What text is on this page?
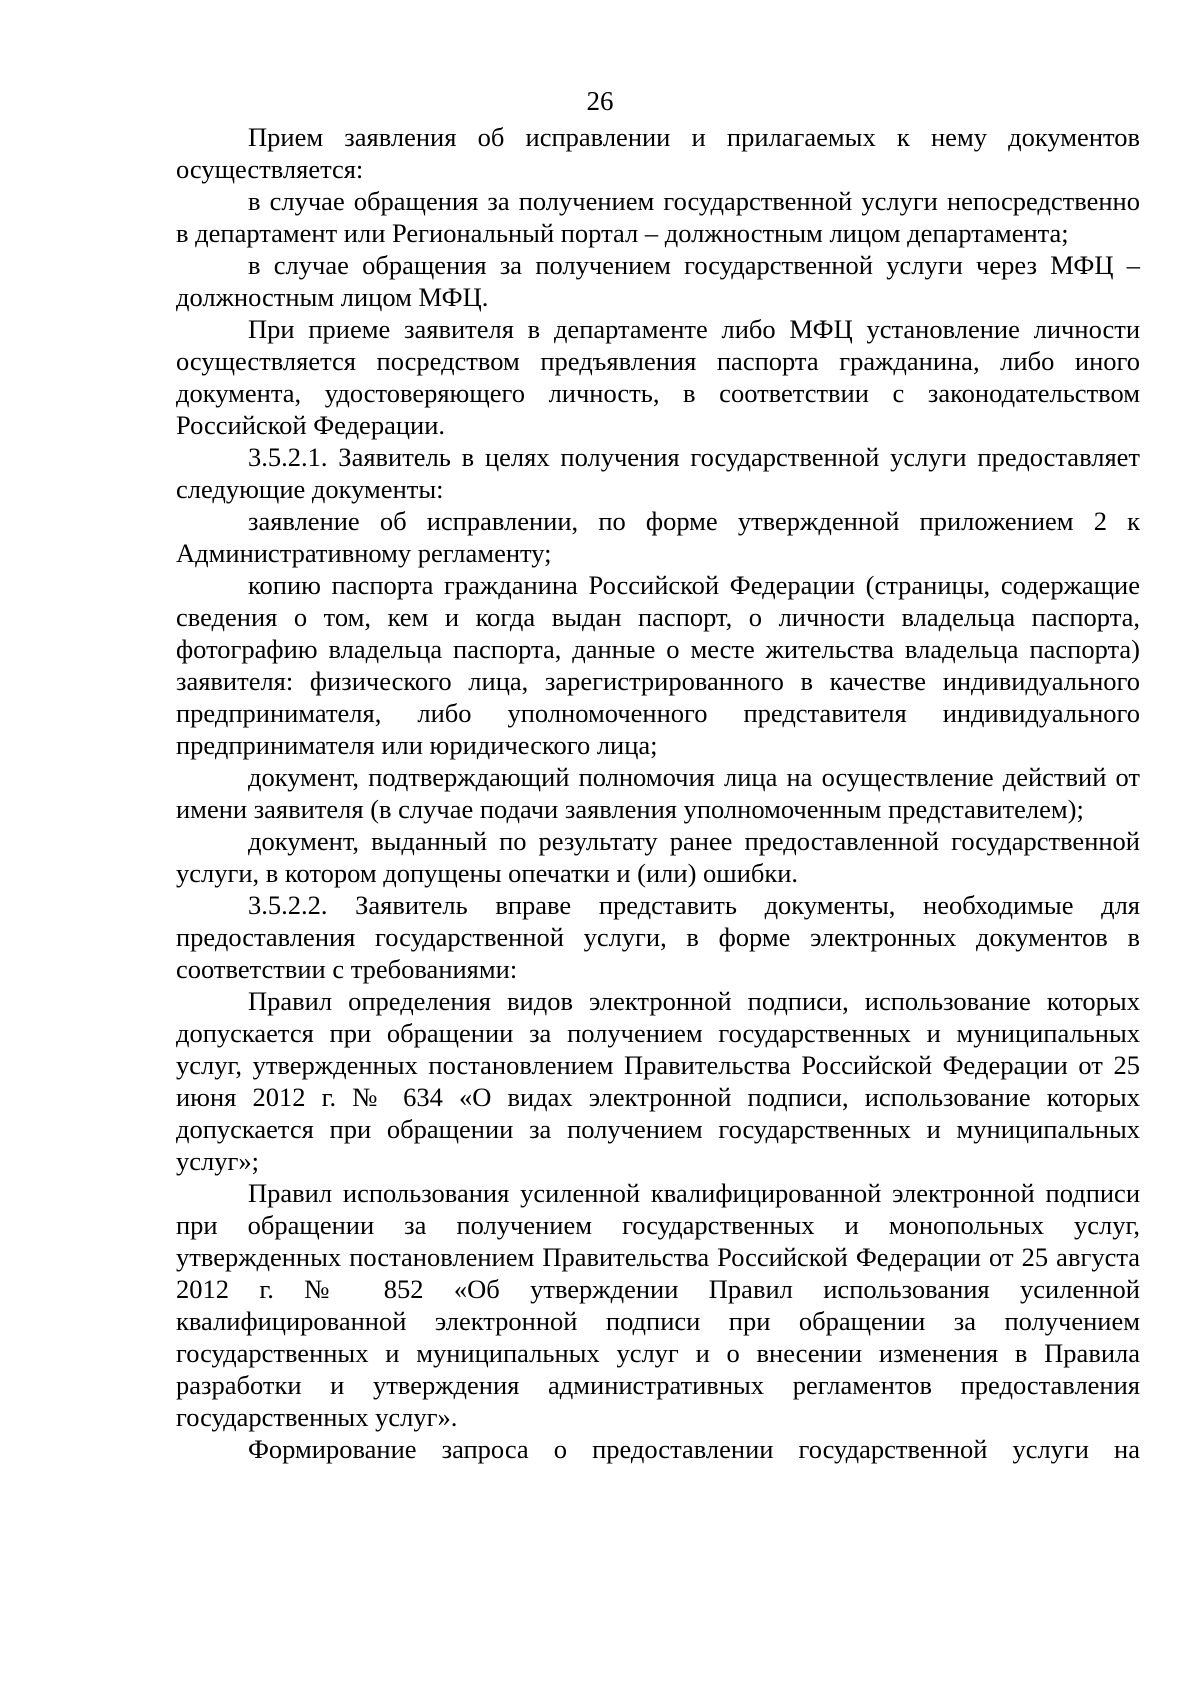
26

Прием заявления об исправлении и прилагаемых к нему документов осуществляется:

в случае обращения за получением государственной услуги непосредственно в департамент или Региональный портал – должностным лицом департамента;

в случае обращения за получением государственной услуги через МФЦ – должностным лицом МФЦ.

При приеме заявителя в департаменте либо МФЦ установление личности осуществляется посредством предъявления паспорта гражданина, либо иного документа, удостоверяющего личность, в соответствии с законодательством Российской Федерации.

3.5.2.1. Заявитель в целях получения государственной услуги предоставляет следующие документы:

заявление об исправлении, по форме утвержденной приложением 2 к Административному регламенту;

копию паспорта гражданина Российской Федерации (страницы, содержащие сведения о том, кем и когда выдан паспорт, о личности владельца паспорта, фотографию владельца паспорта, данные о месте жительства владельца паспорта) заявителя: физического лица, зарегистрированного в качестве индивидуального предпринимателя, либо уполномоченного представителя индивидуального предпринимателя или юридического лица;

документ, подтверждающий полномочия лица на осуществление действий от имени заявителя (в случае подачи заявления уполномоченным представителем);

документ, выданный по результату ранее предоставленной государственной услуги, в котором допущены опечатки и (или) ошибки.

3.5.2.2. Заявитель вправе представить документы, необходимые для предоставления государственной услуги, в форме электронных документов в соответствии с требованиями:

Правил определения видов электронной подписи, использование которых допускается при обращении за получением государственных и муниципальных услуг, утвержденных постановлением Правительства Российской Федерации от 25 июня 2012 г. № 634 «О видах электронной подписи, использование которых допускается при обращении за получением государственных и муниципальных услуг»;

Правил использования усиленной квалифицированной электронной подписи при обращении за получением государственных и монопольных услуг, утвержденных постановлением Правительства Российской Федерации от 25 августа 2012 г. № 852 «Об утверждении Правил использования усиленной квалифицированной электронной подписи при обращении за получением государственных и муниципальных услуг и о внесении изменения в Правила разработки и утверждения административных регламентов предоставления государственных услуг».

Формирование запроса о предоставлении государственной услуги на
